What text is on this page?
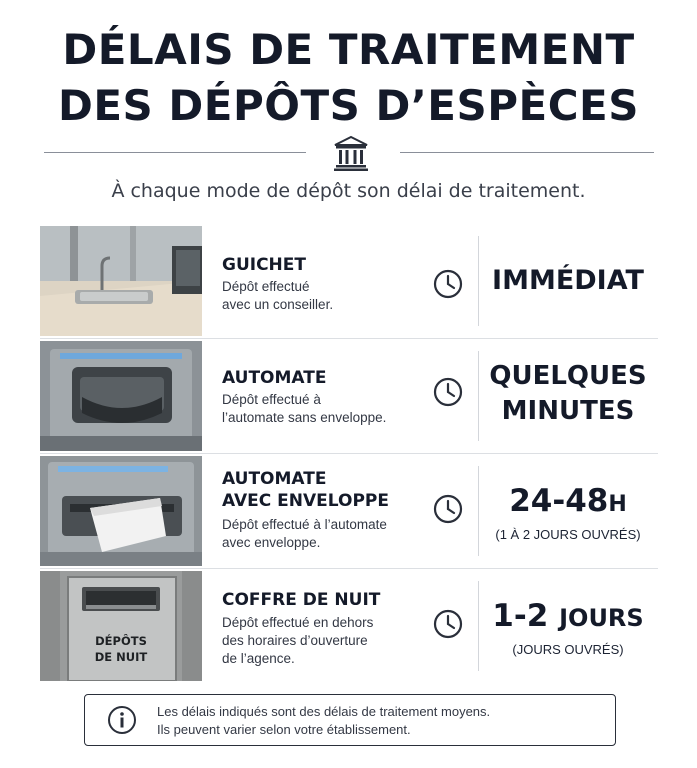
DÉLAIS DE TRAITEMENT
DES DÉPÔTS D’ESPÈCES
À chaque mode de dépôt son délai de traitement.
GUICHET
Dépôt effectué
avec un conseiller.
IMMÉDIAT
AUTOMATE
Dépôt effectué à
l’automate sans enveloppe.
QUELQUES
MINUTES
AUTOMATE
AVEC ENVELOPPE
Dépôt effectué à l’automate
avec enveloppe.
24-48H
(1 À 2 JOURS OUVRÉS)
DÉPÔTS
DE NUIT
COFFRE DE NUIT
Dépôt effectué en dehors
des horaires d’ouverture
de l’agence.
1-2 JOURS
(JOURS OUVRÉS)
Les délais indiqués sont des délais de traitement moyens.
Ils peuvent varier selon votre établissement.
